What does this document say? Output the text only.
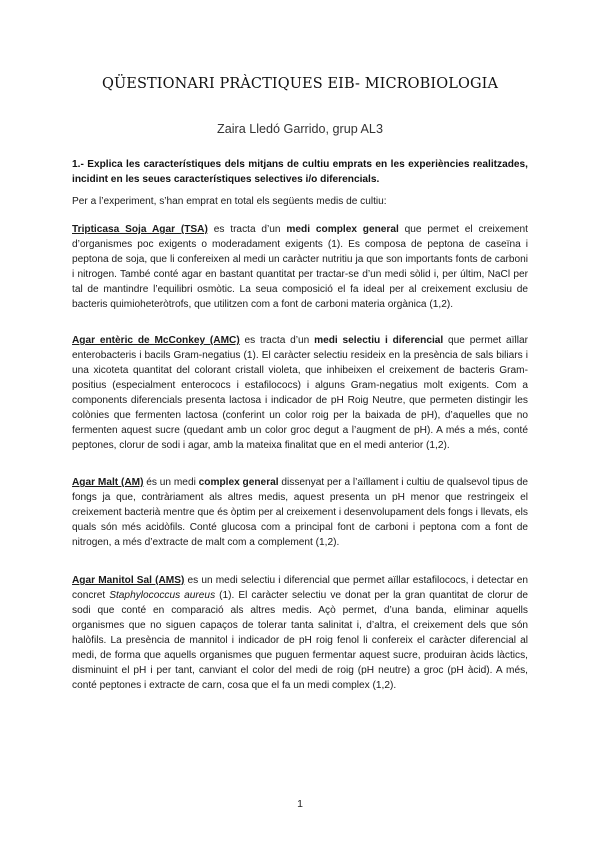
QÜESTIONARI PRÀCTIQUES EIB- MICROBIOLOGIA
Zaira Lledó Garrido, grup AL3
1.- Explica les característiques dels mitjans de cultiu emprats en les experiències realitzades, incidint en les seues característiques selectives i/o diferencials.
Per a l’experiment, s’han emprat en total els següents medis de cultiu:
Tripticasa Soja Agar (TSA) es tracta d’un medi complex general que permet el creixement d’organismes poc exigents o moderadament exigents (1). Es composa de peptona de caseïna i peptona de soja, que li confereixen al medi un caràcter nutritiu ja que son importants fonts de carboni i nitrogen. També conté agar en bastant quantitat per tractar-se d’un medi sòlid i, per últim, NaCl per tal de mantindre l’equilibri osmòtic. La seua composició el fa ideal per al creixement exclusiu de bacteris quimioheteròtrofs, que utilitzen com a font de carboni materia orgànica (1,2).
Agar entèric de McConkey (AMC) es tracta d’un medi selectiu i diferencial que permet aïllar enterobacteris i bacils Gram-negatius (1). El caràcter selectiu resideix en la presència de sals biliars i una xicoteta quantitat del colorant cristall violeta, que inhibeixen el creixement de bacteris Gram-positius (especialment enterococs i estafilococs) i alguns Gram-negatius molt exigents. Com a components diferencials presenta lactosa i indicador de pH Roig Neutre, que permeten distingir les colònies que fermenten lactosa (conferint un color roig per la baixada de pH), d’aquelles que no fermenten aquest sucre (quedant amb un color groc degut a l’augment de pH). A més a més, conté peptones, clorur de sodi i agar, amb la mateixa finalitat que en el medi anterior (1,2).
Agar Malt (AM) és un medi complex general dissenyat per a l’aïllament i cultiu de qualsevol tipus de fongs ja que, contràriament als altres medis, aquest presenta un pH menor que restringeix el creixement bacterià mentre que és òptim per al creixement i desenvolupament dels fongs i llevats, els quals són més acidòfils. Conté glucosa com a principal font de carboni i peptona com a font de nitrogen, a més d’extracte de malt com a complement (1,2).
Agar Manitol Sal (AMS) es un medi selectiu i diferencial que permet aïllar estafilococs, i detectar en concret Staphylococcus aureus (1). El caràcter selectiu ve donat per la gran quantitat de clorur de sodi que conté en comparació als altres medis. Açò permet, d’una banda, eliminar aquells organismes que no siguen capaços de tolerar tanta salinitat i, d’altra, el creixement dels que són halòfils. La presència de mannitol i indicador de pH roig fenol li confereix el caràcter diferencial al medi, de forma que aquells organismes que puguen fermentar aquest sucre, produiran àcids làctics, disminuint el pH i per tant, canviant el color del medi de roig (pH neutre) a groc (pH àcid). A més, conté peptones i extracte de carn, cosa que el fa un medi complex (1,2).
1
